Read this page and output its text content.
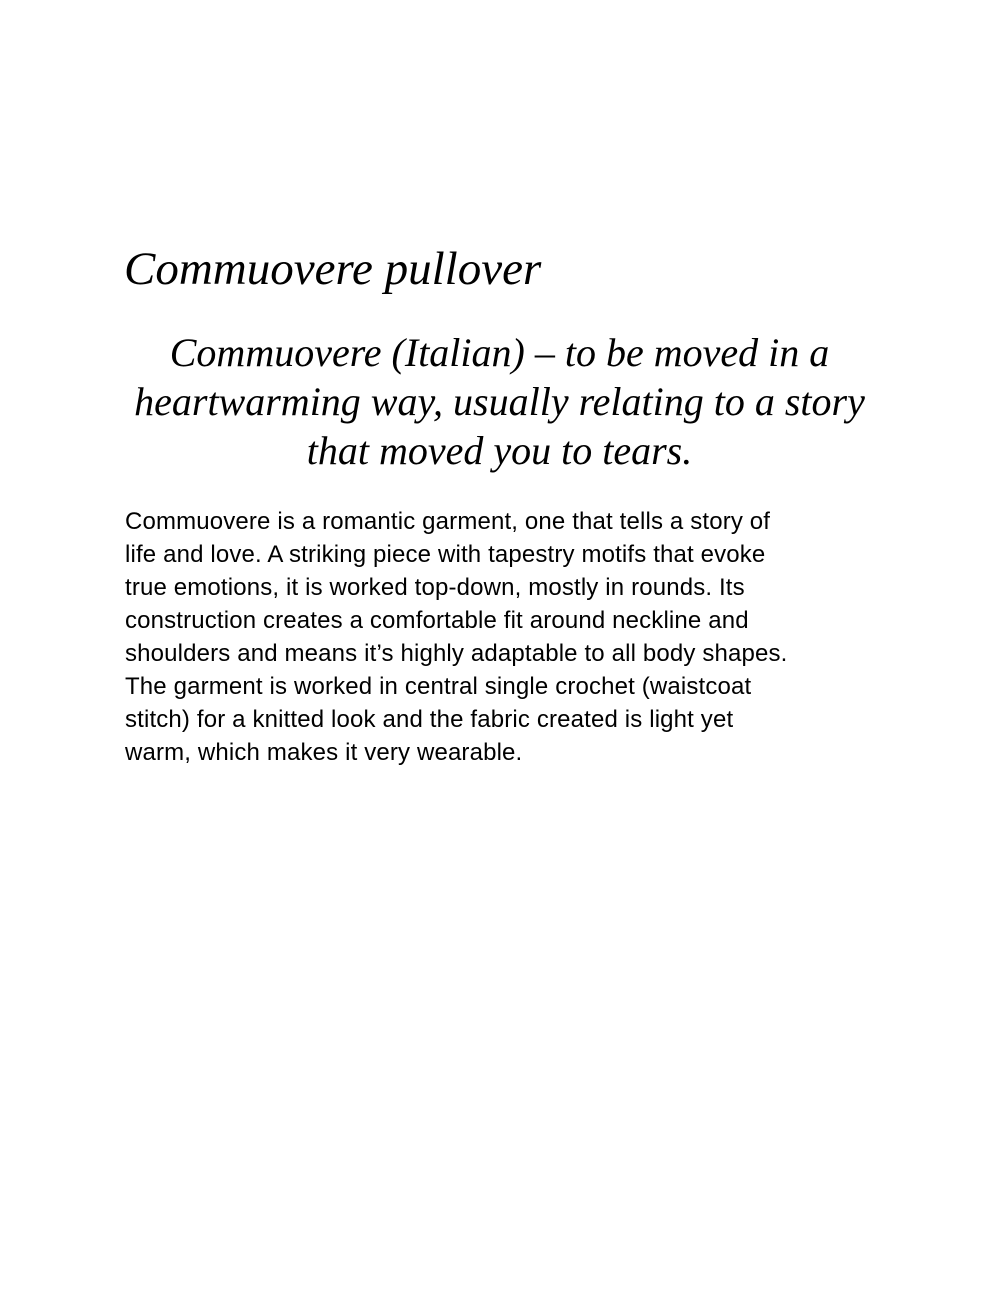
Commuovere pullover

Commuovere (Italian) – to be moved in a
heartwarming way, usually relating to a story
that moved you to tears.

Commuovere is a romantic garment, one that tells a story of
life and love. A striking piece with tapestry motifs that evoke
true emotions, it is worked top-down, mostly in rounds. Its
construction creates a comfortable fit around neckline and
shoulders and means it’s highly adaptable to all body shapes.
The garment is worked in central single crochet (waistcoat
stitch) for a knitted look and the fabric created is light yet
warm, which makes it very wearable.
